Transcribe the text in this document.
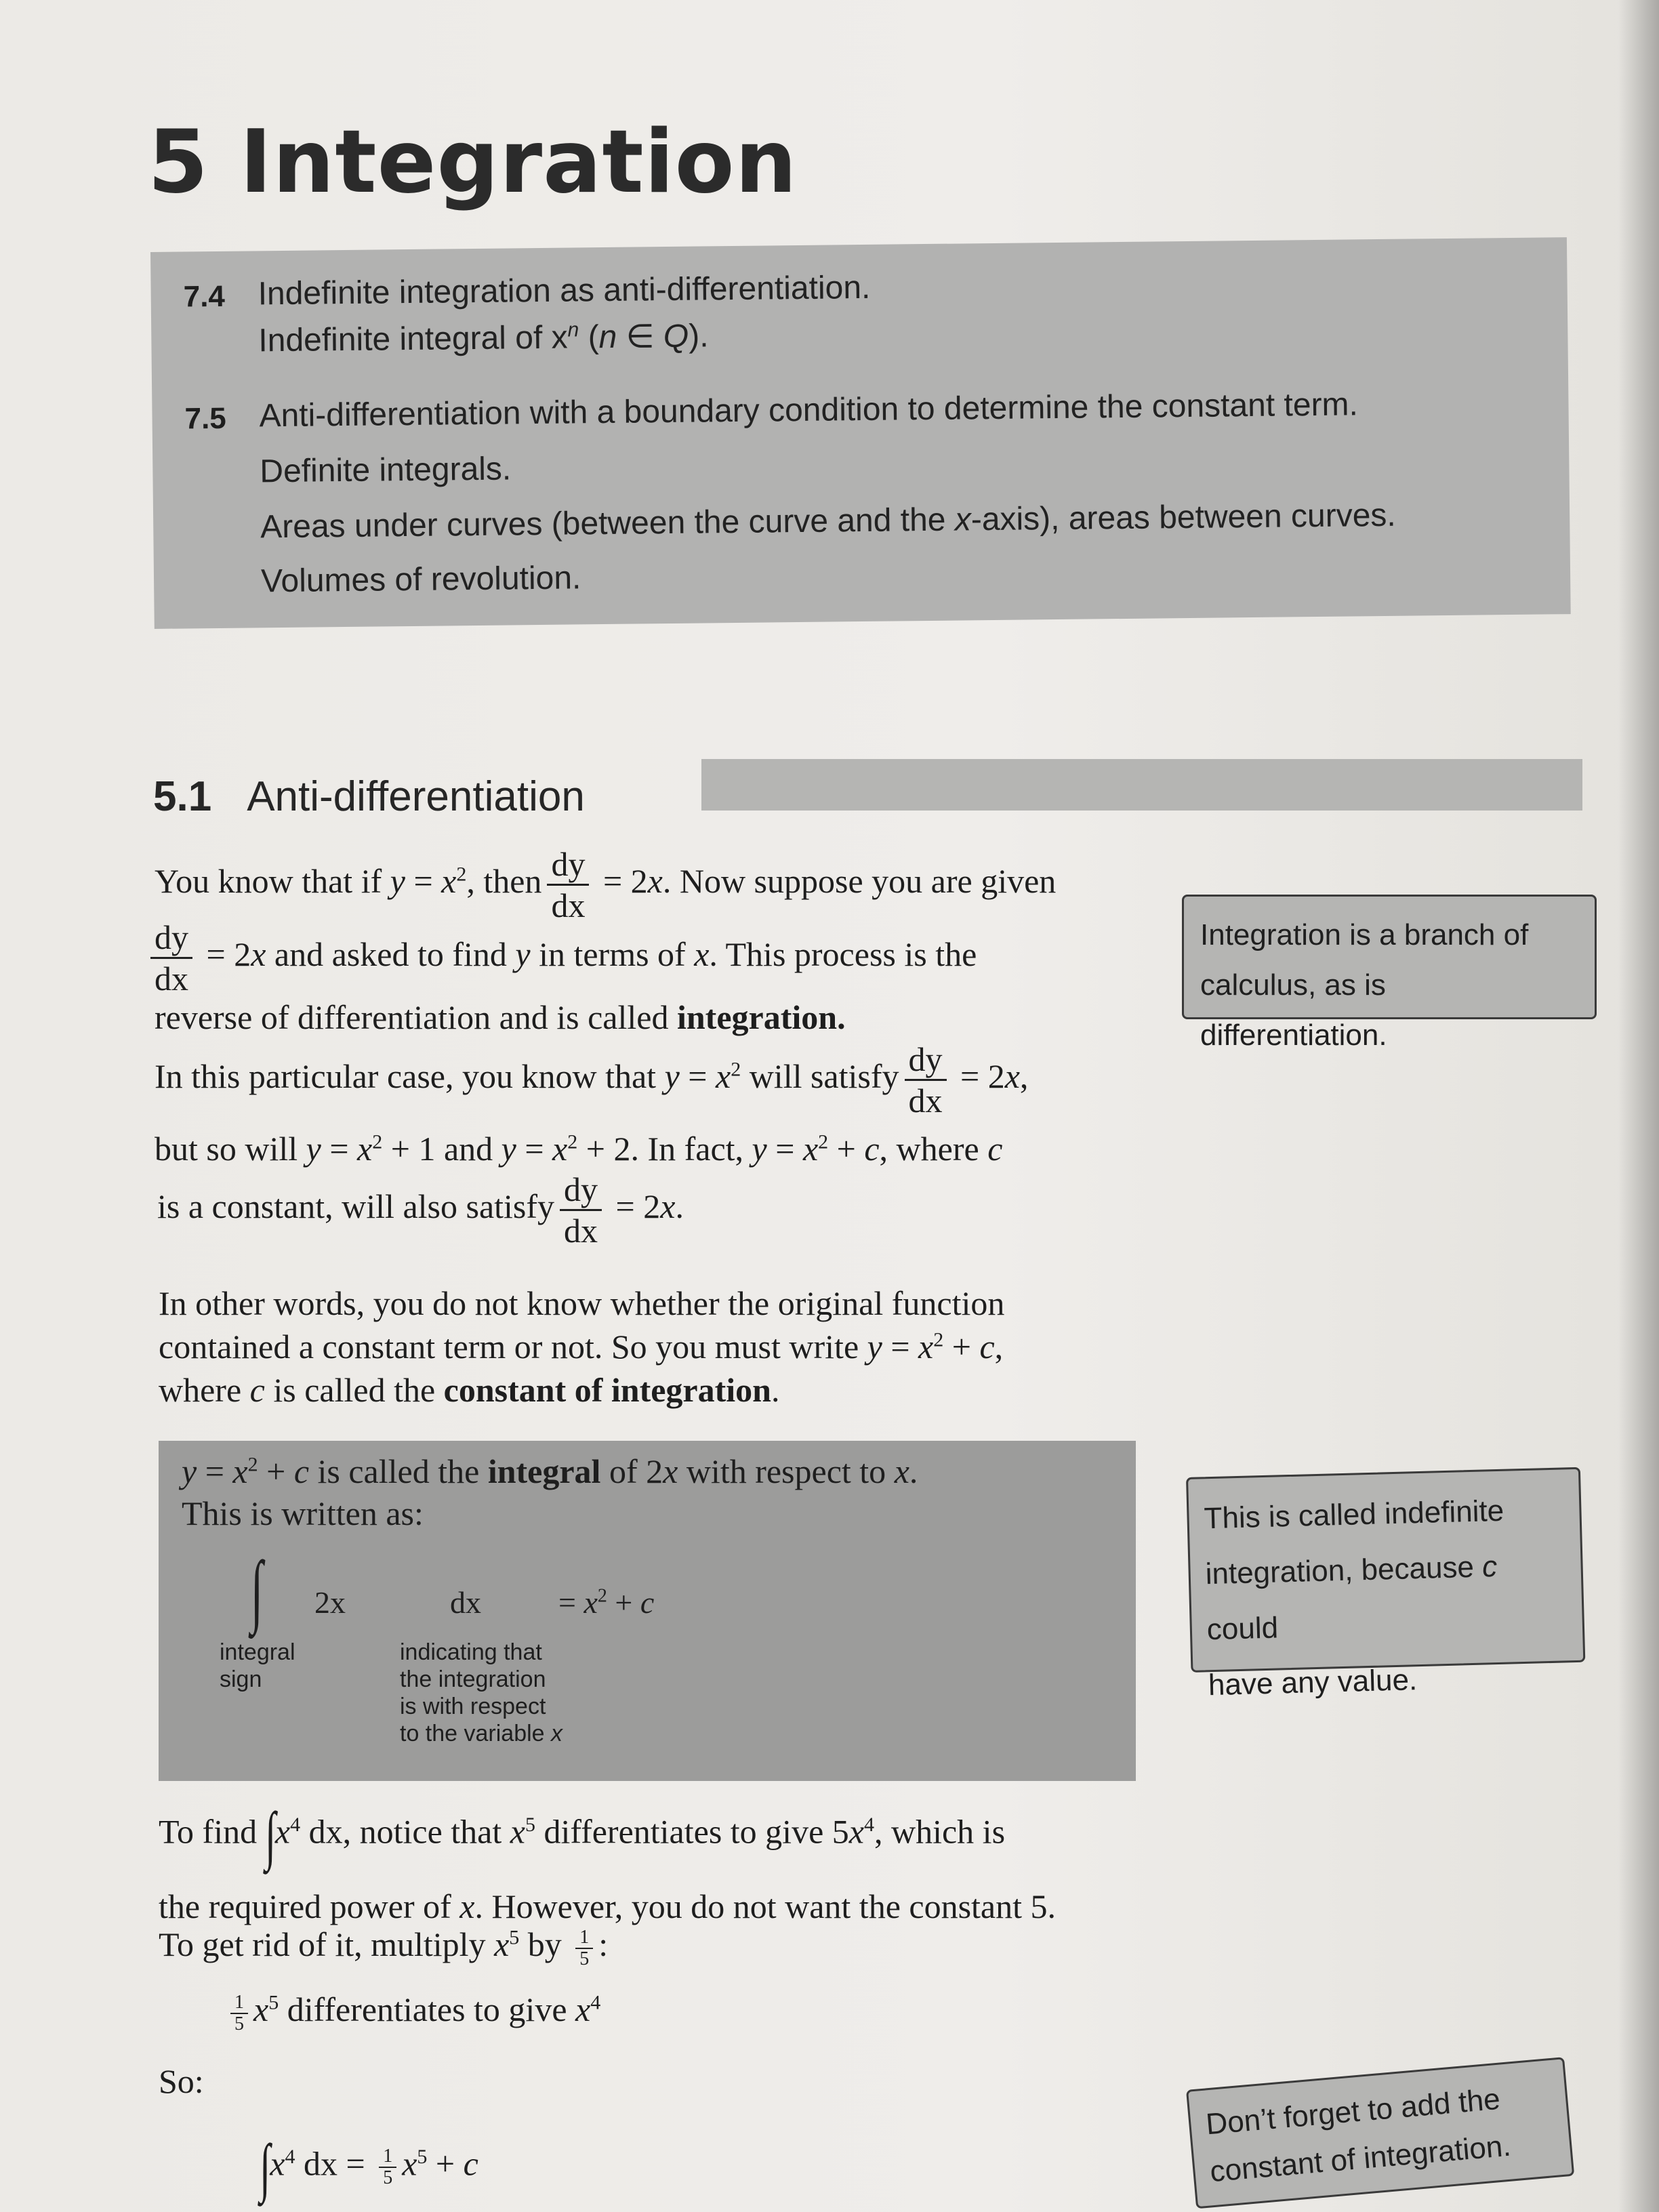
5 Integration
7.4 Indefinite integration as anti-differentiation.
Indefinite integral of $x^n$ (n ∈ Q).
7.5 Anti-differentiation with a boundary condition to determine the constant term.
Definite integrals.
Areas under curves (between the curve and the x-axis), areas between curves.
Volumes of revolution.
5.1 Anti-differentiation
You know that if $y = x^2$, then $\frac{dy}{dx} = 2x$. Now suppose you are given
$\frac{dy}{dx} = 2x$ and asked to find y in terms of x. This process is the
reverse of differentiation and is called integration.
In this particular case, you know that $y = x^2$ will satisfy $\frac{dy}{dx} = 2x$,
but so will $y = x^2 + 1$ and $y = x^2 + 2$. In fact, $y = x^2 + c$, where c
is a constant, will also satisfy $\frac{dy}{dx} = 2x$.
In other words, you do not know whether the original function
contained a constant term or not. So you must write $y = x^2 + c$,
where c is called the constant of integration.
$y = x^2 + c$ is called the integral of 2x with respect to x.
This is written as:
∫ 2x	dx = $x^2 + c$
integral
sign
indicating that
the integration
is with respect
to the variable x
To find $\int x^4$ dx, notice that $x^5$ differentiates to give $5x^4$, which is
the required power of x. However, you do not want the constant 5.
To get rid of it, multiply $x^5$ by $\frac{1}{5}$ :
$\frac{1}{5} x^5$ differentiates to give $x^4$
So:
$\int x^4$ dx = $\frac{1}{5} x^5 + c$
Integration is a branch of calculus, as is differentiation.
This is called indefinite
integration, because c could
have any value.
Don’t forget to add the
constant of integration.
